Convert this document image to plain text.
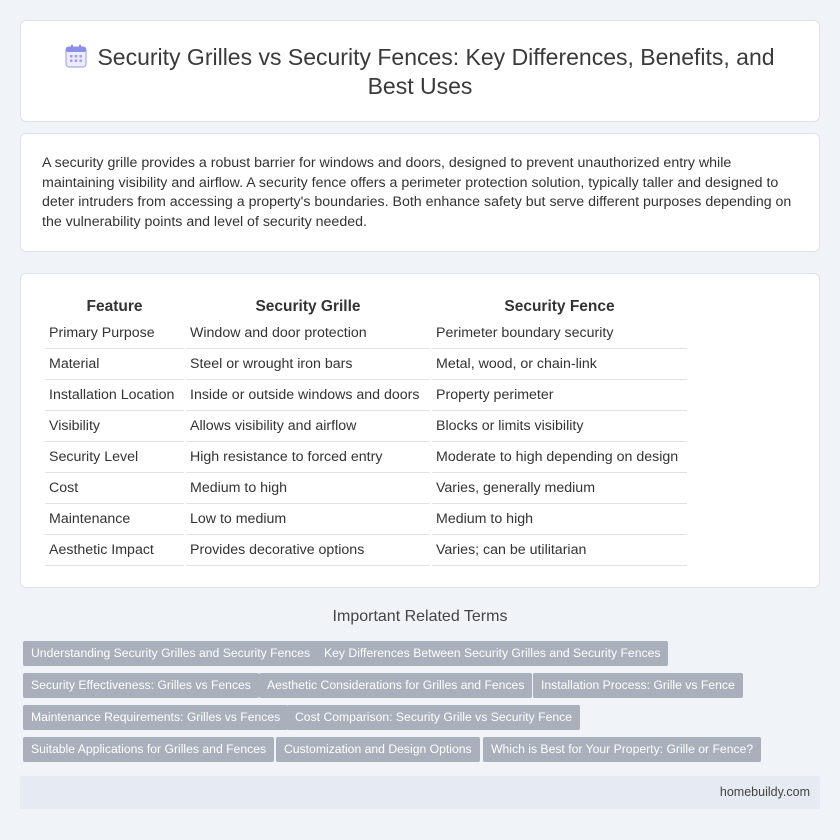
Security Grilles vs Security Fences: Key Differences, Benefits, and Best Uses

A security grille provides a robust barrier for windows and doors, designed to prevent unauthorized entry while maintaining visibility and airflow. A security fence offers a perimeter protection solution, typically taller and designed to deter intruders from accessing a property's boundaries. Both enhance safety but serve different purposes depending on the vulnerability points and level of security needed.

Feature	Security Grille	Security Fence
Primary Purpose	Window and door protection	Perimeter boundary security
Material	Steel or wrought iron bars	Metal, wood, or chain-link
Installation Location	Inside or outside windows and doors	Property perimeter
Visibility	Allows visibility and airflow	Blocks or limits visibility
Security Level	High resistance to forced entry	Moderate to high depending on design
Cost	Medium to high	Varies, generally medium
Maintenance	Low to medium	Medium to high
Aesthetic Impact	Provides decorative options	Varies; can be utilitarian
Important Related Terms
Understanding Security Grilles and Security Fences	Key Differences Between Security Grilles and Security Fences
Security Effectiveness: Grilles vs Fences	Aesthetic Considerations for Grilles and Fences	Installation Process: Grille vs Fence
Maintenance Requirements: Grilles vs Fences	Cost Comparison: Security Grille vs Security Fence
Suitable Applications for Grilles and Fences	Customization and Design Options	Which is Best for Your Property: Grille or Fence?
homebuildy.com
